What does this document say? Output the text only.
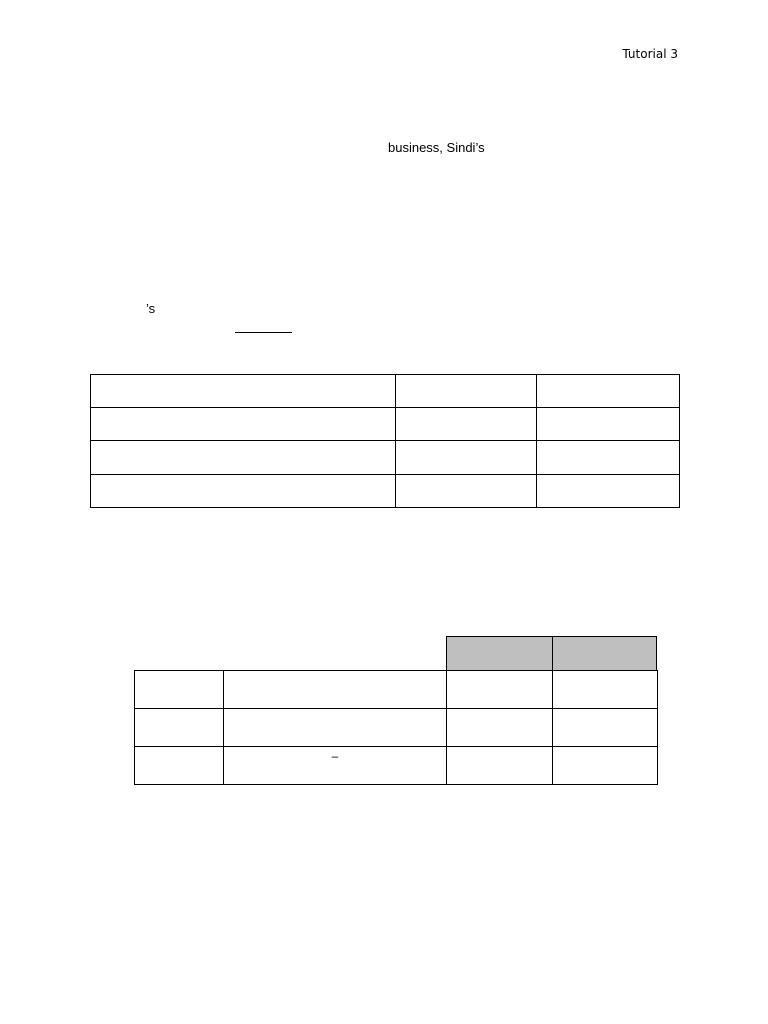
Tutorial 3
business, Sindi’s
’s

	–		
